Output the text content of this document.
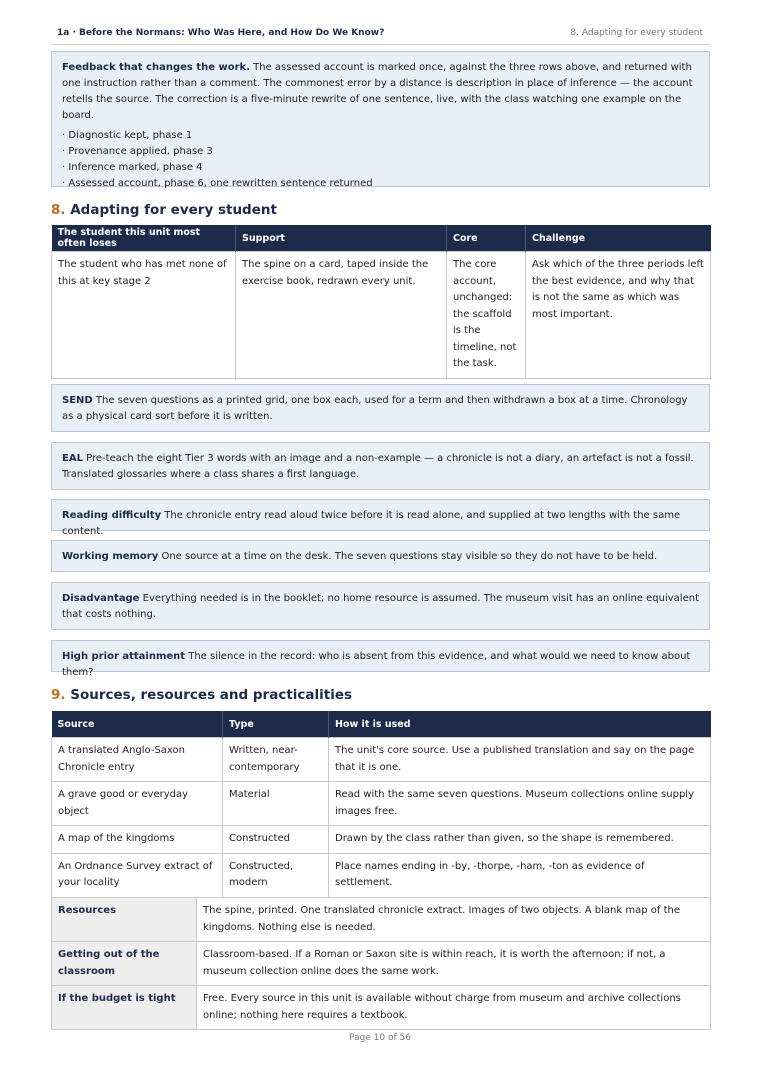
1a · Before the Normans: Who Was Here, and How Do We Know?	8. Adapting for every student
Feedback that changes the work. The assessed account is marked once, against the three rows above, and returned with one instruction rather than a comment. The commonest error by a distance is description in place of inference — the account retells the source. The correction is a five-minute rewrite of one sentence, live, with the class watching one example on the board.
· Diagnostic kept, phase 1
· Provenance applied, phase 3
· Inference marked, phase 4
· Assessed account, phase 6, one rewritten sentence returned
8. Adapting for every student
The student this unit most often loses	Support	Core	Challenge
The student who has met none of this at key stage 2	The spine on a card, taped inside the exercise book, redrawn every unit.	The core account, unchanged: the scaffold is the timeline, not the task.	Ask which of the three periods left the best evidence, and why that is not the same as which was most important.
SEND The seven questions as a printed grid, one box each, used for a term and then withdrawn a box at a time. Chronology as a physical card sort before it is written.
EAL Pre-teach the eight Tier 3 words with an image and a non-example — a chronicle is not a diary, an artefact is not a fossil. Translated glossaries where a class shares a first language.
Reading difficulty The chronicle entry read aloud twice before it is read alone, and supplied at two lengths with the same content.
Working memory One source at a time on the desk. The seven questions stay visible so they do not have to be held.
Disadvantage Everything needed is in the booklet; no home resource is assumed. The museum visit has an online equivalent that costs nothing.
High prior attainment The silence in the record: who is absent from this evidence, and what would we need to know about them?
9. Sources, resources and practicalities
Source	Type	How it is used
A translated Anglo-Saxon Chronicle entry	Written, near-contemporary	The unit's core source. Use a published translation and say on the page that it is one.
A grave good or everyday object	Material	Read with the same seven questions. Museum collections online supply images free.
A map of the kingdoms	Constructed	Drawn by the class rather than given, so the shape is remembered.
An Ordnance Survey extract of your locality	Constructed, modern	Place names ending in -by, -thorpe, -ham, -ton as evidence of settlement.
Resources	The spine, printed. One translated chronicle extract. Images of two objects. A blank map of the kingdoms. Nothing else is needed.
Getting out of the classroom	Classroom-based. If a Roman or Saxon site is within reach, it is worth the afternoon; if not, a museum collection online does the same work.
If the budget is tight	Free. Every source in this unit is available without charge from museum and archive collections online; nothing here requires a textbook.
Page 10 of 56
